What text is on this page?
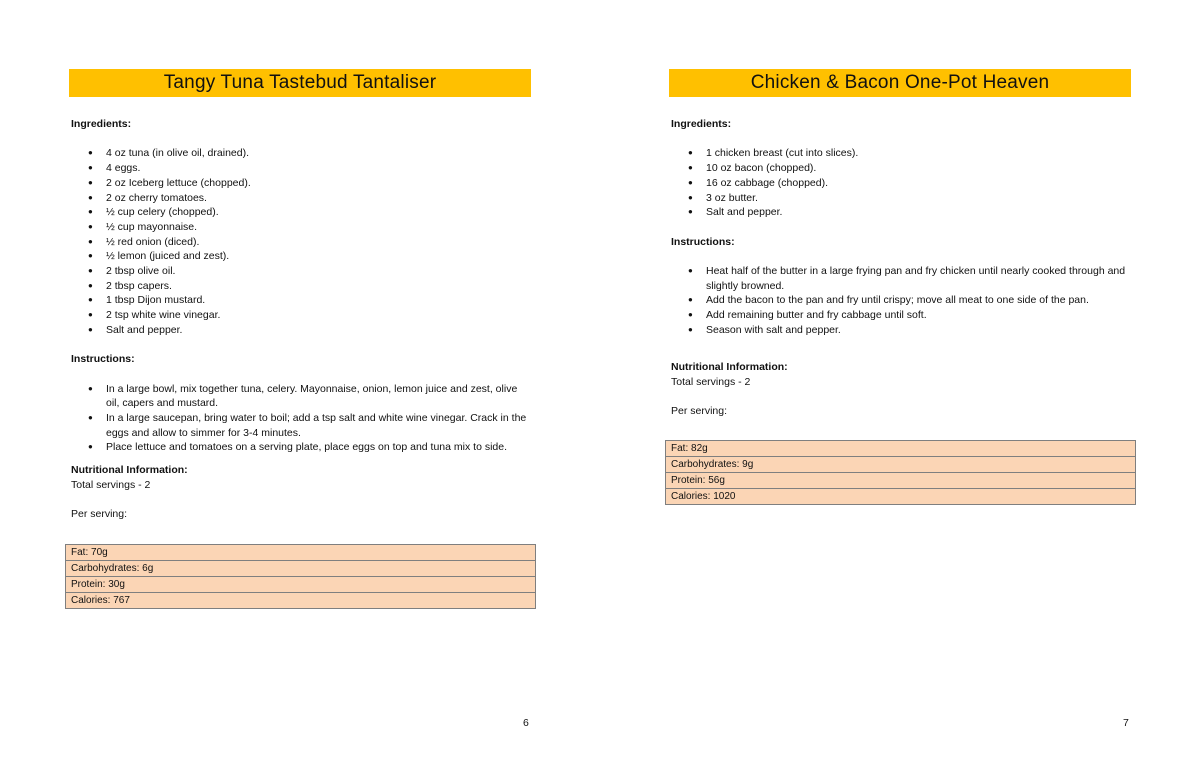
Tangy Tuna Tastebud Tantaliser

Ingredients:

● 4 oz tuna (in olive oil, drained).
● 4 eggs.
● 2 oz Iceberg lettuce (chopped).
● 2 oz cherry tomatoes.
● ½ cup celery (chopped).
● ½ cup mayonnaise.
● ½ red onion (diced).
● ½ lemon (juiced and zest).
● 2 tbsp olive oil.
● 2 tbsp capers.
● 1 tbsp Dijon mustard.
● 2 tsp white wine vinegar.
● Salt and pepper.

Instructions:

● In a large bowl, mix together tuna, celery. Mayonnaise, onion, lemon juice and zest, olive oil, capers and mustard.
● In a large saucepan, bring water to boil; add a tsp salt and white wine vinegar. Crack in the eggs and allow to simmer for 3-4 minutes.
● Place lettuce and tomatoes on a serving plate, place eggs on top and tuna mix to side.

Nutritional Information:

Total servings - 2

Per serving:

Fat: 70g
Carbohydrates: 6g
Protein: 30g
Calories: 767
6
Chicken & Bacon One-Pot Heaven

Ingredients:

● 1 chicken breast (cut into slices).
● 10 oz bacon (chopped).
● 16 oz cabbage (chopped).
● 3 oz butter.
● Salt and pepper.

Instructions:

● Heat half of the butter in a large frying pan and fry chicken until nearly cooked through and slightly browned.
● Add the bacon to the pan and fry until crispy; move all meat to one side of the pan.
● Add remaining butter and fry cabbage until soft.
● Season with salt and pepper.

Nutritional Information:

Total servings - 2

Per serving:

Fat: 82g
Carbohydrates: 9g
Protein: 56g
Calories: 1020
7
